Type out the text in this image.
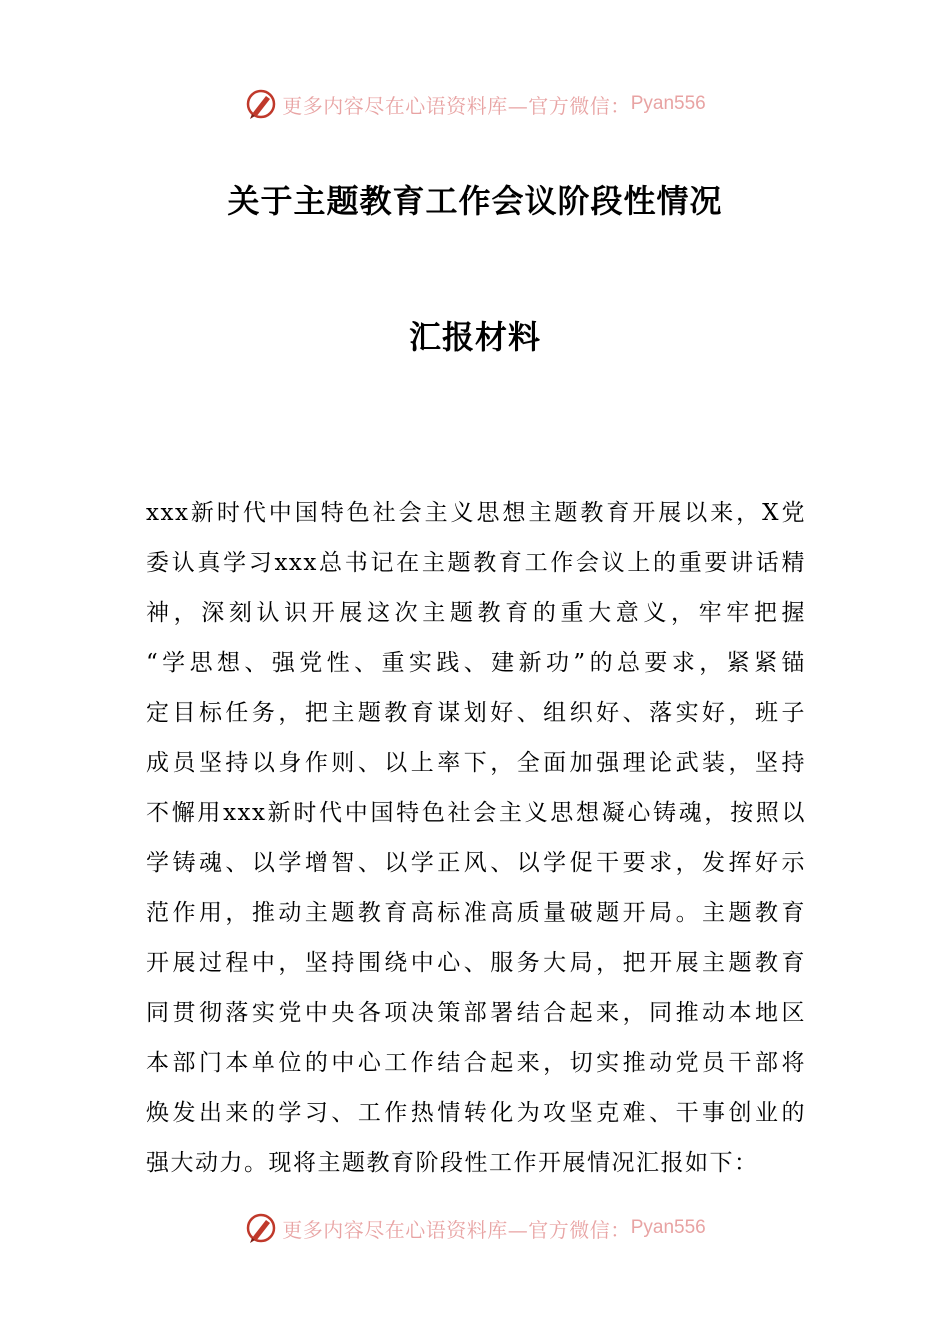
更多内容尽在心语资料库—官方微信： Pyan556
关于主题教育工作会议阶段性情况
汇报材料
xxx新时代中国特色社会主义思想主题教育开展以来，X党
委认真学习xxx总书记在主题教育工作会议上的重要讲话精
神，深刻认识开展这次主题教育的重大意义，牢牢把握
“学思想、强党性、重实践、建新功”的总要求，紧紧锚
定目标任务，把主题教育谋划好、组织好、落实好，班子
成员坚持以身作则、以上率下，全面加强理论武装，坚持
不懈用xxx新时代中国特色社会主义思想凝心铸魂，按照以
学铸魂、以学增智、以学正风、以学促干要求，发挥好示
范作用，推动主题教育高标准高质量破题开局。主题教育
开展过程中，坚持围绕中心、服务大局，把开展主题教育
同贯彻落实党中央各项决策部署结合起来，同推动本地区
本部门本单位的中心工作结合起来，切实推动党员干部将
焕发出来的学习、工作热情转化为攻坚克难、干事创业的
强大动力。现将主题教育阶段性工作开展情况汇报如下：
更多内容尽在心语资料库—官方微信： Pyan556
